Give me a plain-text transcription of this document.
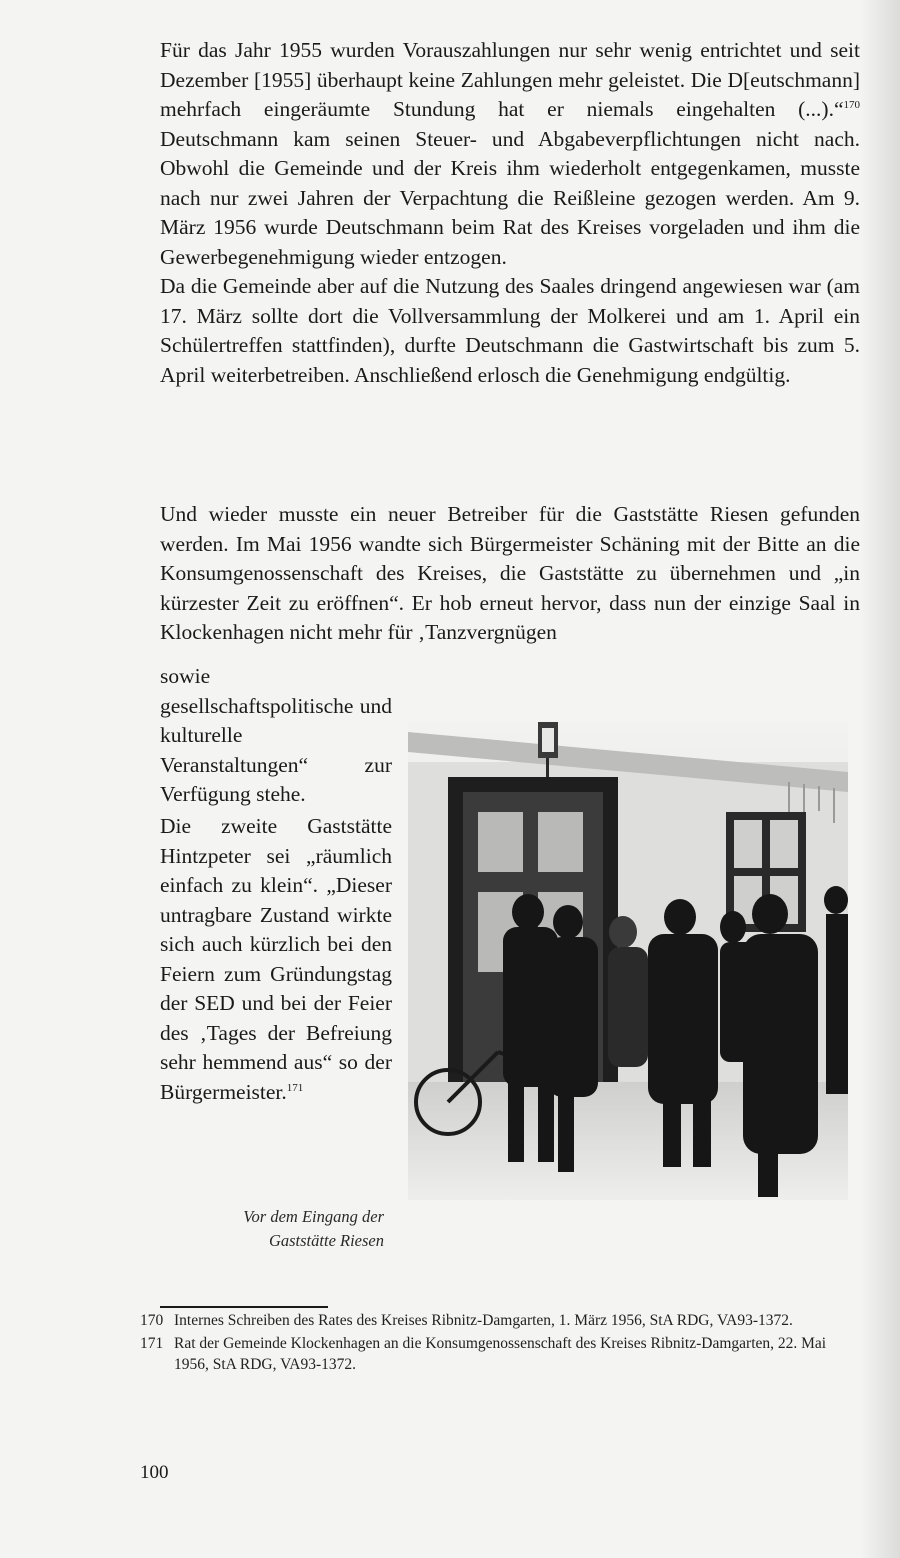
Für das Jahr 1955 wurden Vorauszahlungen nur sehr wenig entrichtet und seit Dezember [1955] überhaupt keine Zahlungen mehr geleistet. Die D[eutschmann] mehrfach eingeräumte Stundung hat er niemals eingehalten (...).“$^{170}$ Deutschmann kam seinen Steuer- und Abgabeverpflichtungen nicht nach. Obwohl die Gemeinde und der Kreis ihm wiederholt entgegenkamen, musste nach nur zwei Jahren der Verpachtung die Reißleine gezogen werden. Am 9. März 1956 wurde Deutschmann beim Rat des Kreises vorgeladen und ihm die Gewerbegenehmigung wieder entzogen.

Da die Gemeinde aber auf die Nutzung des Saales dringend angewiesen war (am 17. März sollte dort die Vollversammlung der Molkerei und am 1. April ein Schülertreffen stattfinden), durfte Deutschmann die Gastwirtschaft bis zum 5. April weiterbetreiben. Anschließend erlosch die Genehmigung endgültig.

Und wieder musste ein neuer Betreiber für die Gaststätte Riesen gefunden werden. Im Mai 1956 wandte sich Bürgermeister Schäning mit der Bitte an die Konsumgenossenschaft des Kreises, die Gaststätte zu übernehmen und „in kürzester Zeit zu eröffnen“. Er hob erneut hervor, dass nun der einzige Saal in Klockenhagen nicht mehr für ‚Tanzvergnügen

sowie gesellschaftspolitische und kulturelle Veranstaltungen“ zur Verfügung stehe.
Die zweite Gaststätte Hintzpeter sei „räumlich einfach zu klein“. „Dieser untragbare Zustand wirkte sich auch kürzlich bei den Feiern zum Gründungstag der SED und bei der Feier des ‚Tages der Befreiung sehr hemmend aus“ so der Bürgermeister.$^{171}$
Vor dem Eingang der
Gaststätte Riesen
170 Internes Schreiben des Rates des Kreises Ribnitz-Damgarten, 1. März 1956, StA RDG, VA93-1372.
171 Rat der Gemeinde Klockenhagen an die Konsumgenossenschaft des Kreises Ribnitz-Damgarten, 22. Mai 1956, StA RDG, VA93-1372.
100
